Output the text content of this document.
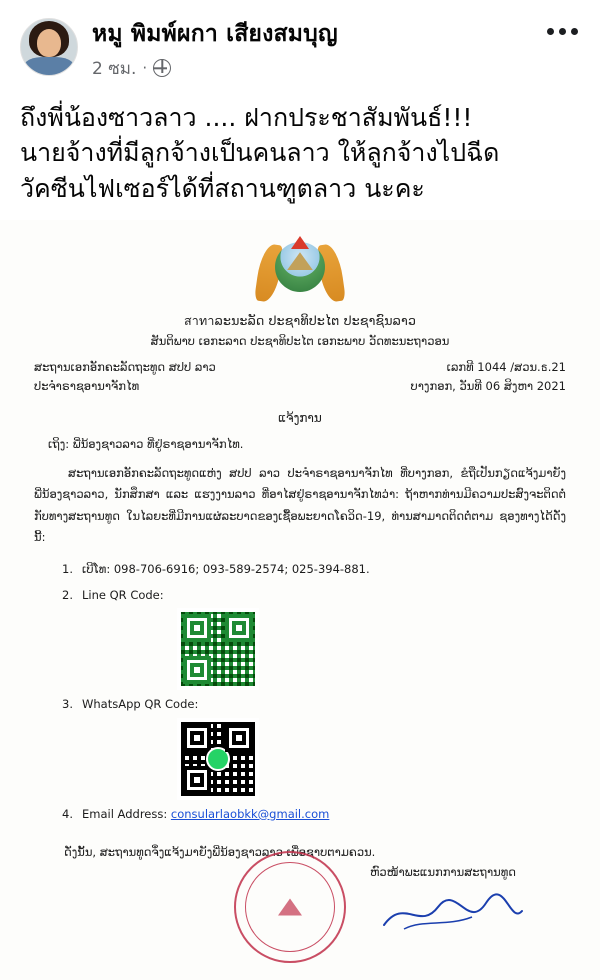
หมู พิมพ์ผกา เสียงสมบุญ
2 ซม. ·
ถึงพี่น้องซาวลาว .... ฝากประชาสัมพันธ์!!!
นายจ้างที่มีลูกจ้างเป็นคนลาว ให้ลูกจ้างไปฉีด
วัคซีนไฟเซอร์ได้ที่สถานฑูตลาว นะคะ
สาทาລະນະລັດ ປະຊາທິປະໄຕ ປະຊາຊົນລາວ
ສັນຕິພາບ ເອກະລາດ ປະຊາທິປະໄຕ ເອກະພາບ ວັດທະນະຖາວອນ
ສະຖານເອກອັກຄະລັດຖະທູດ ສປປ ລາວ
ປະຈຳຣາຊອານາຈັກໄທ
ເລກທີ 1044 /ສວນ.ธ.21
ບາງກອກ, ວັນທີ 06 ສິງຫາ 2021
ແຈ້ງການ
ເຖິງ: ພີ່ນ້ອງຊາວລາວ ທີ່ຢູ່ຣາຊອານາຈັກໄທ.
ສະຖານເອກອັກຄະລັດຖະທູດແຫ່ງ ສປປ ລາວ ປະຈຳຣາຊອານາຈັກໄທ ທີ່ບາງກອກ, ຂໍຖືເປັນກຽດແຈ້ງມາຍັງພີ່ນ້ອງຊາວລາວ, ນັກສຶກສາ ແລະ ແຮງງານລາວ ທີ່ອາໄສຢູ່ຣາຊອານາຈັກໄທວ່າ: ຖ້າຫາກທ່ານມີຄວາມປະສົງຈະຕິດຕໍ່ກັບທາງສະຖານທູດ ໃນໄລຍະທີ່ມີການແຜ່ລະບາດຂອງເຊື້ອພະຍາດໂຄວິດ-19, ທ່ານສາມາດຕິດຕໍ່ຕາມ ຊອງທາງໄດ້ດັ່ງນີ້:
1. ເບີໂທ: 098-706-6916; 093-589-2574; 025-394-881.
2. Line QR Code:
3. WhatsApp QR Code:
4. Email Address: consularlaobkk@gmail.com
ດັ່ງນັ້ນ, ສະຖານທູດຈຶ່ງແຈ້ງມາຍັງພີ່ນ້ອງຊາວລາວ ເພື່ອຊາບຕາມຄວນ.
ຫົວໜ້າພະແນກການສະຖານທູດ
